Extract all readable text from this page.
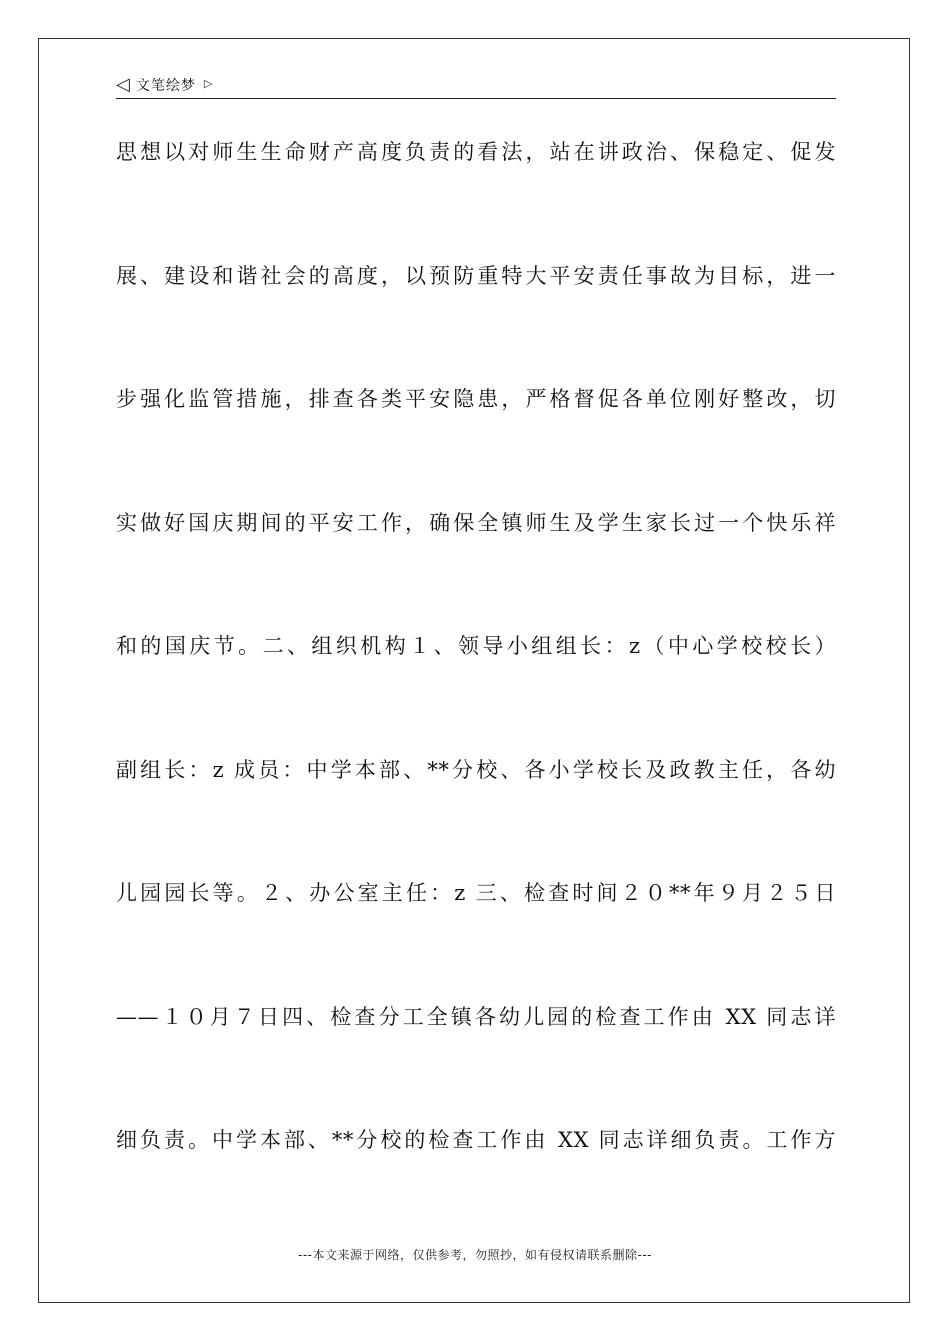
◁ 文笔绘梦 ▷
思想以对师生生命财产高度负责的看法，站在讲政治、保稳定、促发
展、建设和谐社会的高度，以预防重特大平安责任事故为目标，进一
步强化监管措施，排查各类平安隐患，严格督促各单位刚好整改，切
实做好国庆期间的平安工作，确保全镇师生及学生家长过一个快乐祥
和的国庆节。二、组织机构１、领导小组组长：z（中心学校校长）
副组长：z 成员：中学本部、**分校、各小学校长及政教主任，各幼
儿园园长等。２、办公室主任：z 三、检查时间２０**年９月２５日
——１０月７日四、检查分工全镇各幼儿园的检查工作由 XX 同志详
细负责。中学本部、**分校的检查工作由 XX 同志详细负责。工作方
---本文来源于网络，仅供参考，勿照抄，如有侵权请联系删除---
